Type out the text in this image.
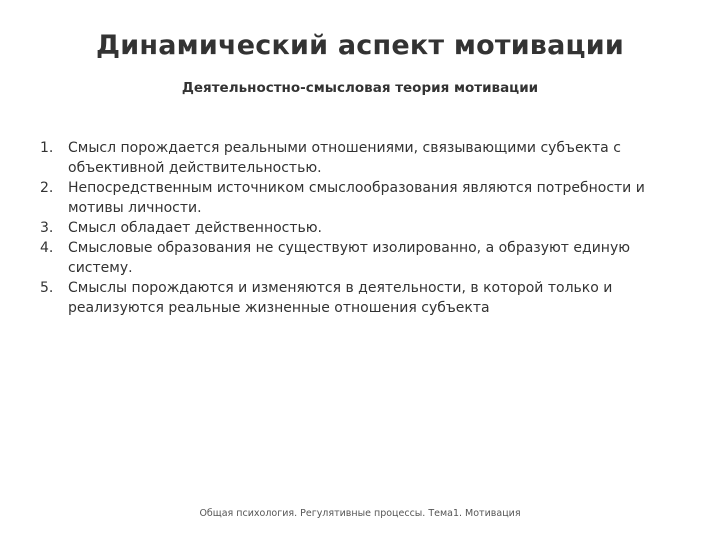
Динамический аспект мотивации
Деятельностно-смысловая теория мотивации
1. Смысл порождается реальными отношениями, связывающими субъекта с объективной действительностью.
2. Непосредственным источником смыслообразования являются потребности и мотивы личности.
3. Смысл обладает действенностью.
4. Смысловые образования не существуют изолированно, а образуют единую систему.
5. Смыслы порождаются и изменяются в деятельности, в которой только и реализуются реальные жизненные отношения субъекта
Общая психология. Регулятивные процессы. Тема1. Мотивация
